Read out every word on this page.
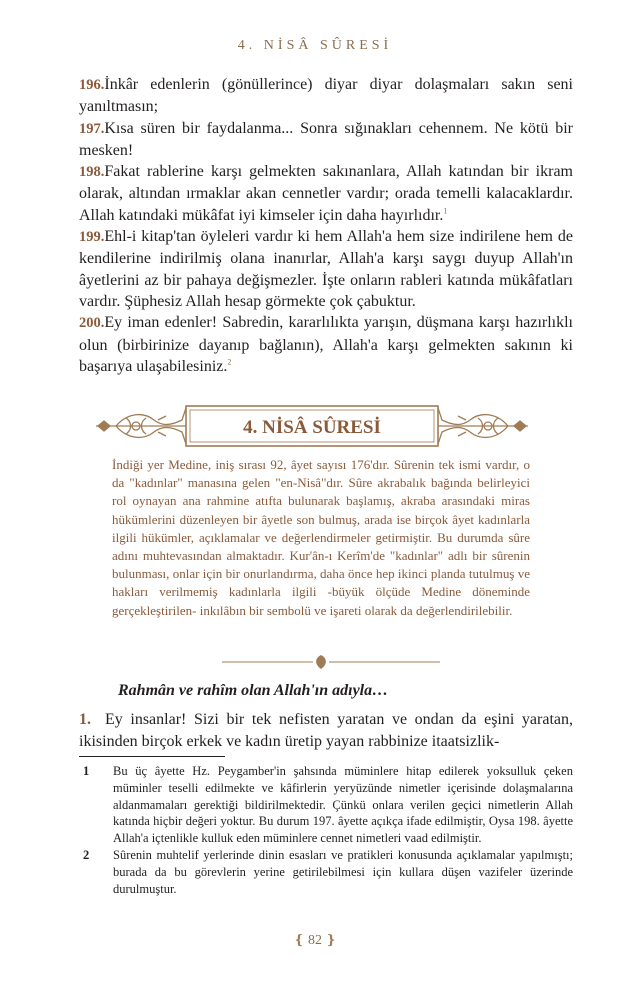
4. NİSÂ SÛRESİ

196.İnkâr edenlerin (gönüllerince) diyar diyar dolaşmaları sakın seni yanıltmasın;

197.Kısa süren bir faydalanma... Sonra sığınakları cehennem. Ne kötü bir mesken!

198.Fakat rablerine karşı gelmekten sakınanlara, Allah katından bir ikram olarak, altından ırmaklar akan cennetler vardır; orada temelli kalacaklardır. Allah katındaki mükâfat iyi kimseler için daha hayırlıdır.$^1$

199.Ehl-i kitap'tan öyleleri vardır ki hem Allah'a hem size indirilene hem de kendilerine indirilmiş olana inanırlar, Allah'a karşı saygı duyup Allah'ın âyetlerini az bir pahaya değişmezler. İşte onların rableri katında mükâfatları vardır. Şüphesiz Allah hesap görmekte çok çabuktur.

200.Ey iman edenler! Sabredin, kararlılıkta yarışın, düşmana karşı hazırlıklı olun (birbirinize dayanıp bağlanın), Allah'a karşı gelmekten sakının ki başarıya ulaşabilesiniz.$^2$

4. NİSÂ SÛRESİ
İndiği yer Medine, iniş sırası 92, âyet sayısı 176'dır. Sûrenin tek ismi vardır, o da "kadınlar" manasına gelen "en-Nisâ"dır. Sûre akrabalık bağında belirleyici rol oynayan ana rahmine atıfta bulunarak başlamış, akraba arasındaki miras hükümlerini düzenleyen bir âyetle son bulmuş, arada ise birçok âyet kadınlarla ilgili hükümler, açıklamalar ve değerlendirmeler getirmiştir. Bu durumda sûre adını muhtevasından almaktadır. Kur'ân-ı Kerîm'de "kadınlar" adlı bir sûrenin bulunması, onlar için bir onurlandırma, daha önce hep ikinci planda tutulmuş ve hakları verilmemiş kadınlarla ilgili -büyük ölçüde Medine döneminde gerçekleştirilen- inkılâbın bir sembolü ve işareti olarak da değerlendirilebilir.
Rahmân ve rahîm olan Allah'ın adıyla…
1. Ey insanlar! Sizi bir tek nefisten yaratan ve ondan da eşini yaratan, ikisinden birçok erkek ve kadın üretip yayan rabbinize itaatsizlik-
1	Bu üç âyette Hz. Peygamber'in şahsında müminlere hitap edilerek yoksulluk çeken müminler teselli edilmekte ve kâfirlerin yeryüzünde nimetler içerisinde dolaşmalarına aldanmamaları gerektiği bildirilmektedir. Çünkü onlara verilen geçici nimetlerin Allah katında hiçbir değeri yoktur. Bu durum 197. âyette açıkça ifade edilmiştir, Oysa 198. âyette Allah'a içtenlikle kulluk eden müminlere cennet nimetleri vaad edilmiştir.
2	Sûrenin muhtelif yerlerinde dinin esasları ve pratikleri konusunda açıklamalar yapılmıştı; burada da bu görevlerin yerine getirilebilmesi için kullara düşen vazifeler üzerinde durulmuştur.
❴ 82 ❵
